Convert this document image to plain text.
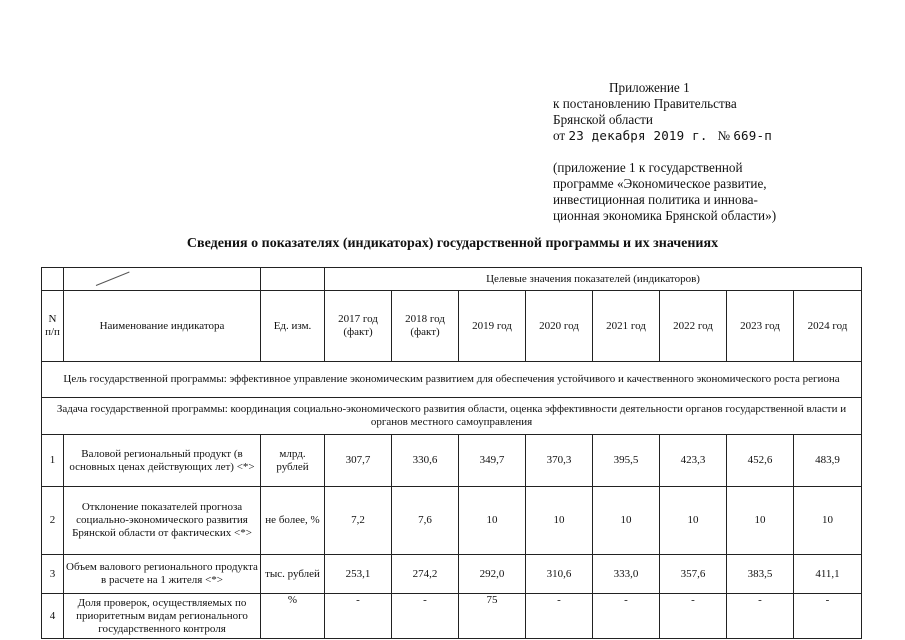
Приложение 1
к постановлению Правительства
Брянской области
от 23 декабря 2019 г. № 669-п
(приложение 1 к государственной
программе «Экономическое развитие,
инвестиционная политика и иннова-
ционная экономика Брянской области»)
Сведения о показателях (индикаторах) государственной программы и их значениях

		Целевые значения показателей (индикаторов)							
N п/п	Наименование индикатора	Ед. изм.	2017 год (факт)	2018 год (факт)	2019 год	2020 год	2021 год	2022 год	2023 год	2024 год
Цель государственной программы: эффективное управление экономическим развитием для обеспечения устойчивого и качественного экономического роста региона										
Задача государственной программы: координация социально-экономического развития области, оценка эффективности деятельности органов государственной власти и органов местного самоуправления										
1	Валовой региональный продукт (в основных ценах действующих лет) <*>	млрд. рублей	307,7	330,6	349,7	370,3	395,5	423,3	452,6	483,9
2	Отклонение показателей прогноза социально-экономического развития Брянской области от фактических <*>	не более, %	7,2	7,6	10	10	10	10	10	10
3	Объем валового регионального продукта в расчете на 1 жителя <*>	тыс. рублей	253,1	274,2	292,0	310,6	333,0	357,6	383,5	411,1
4	Доля проверок, осуществляемых по приоритетным видам регионального государственного контроля	%	-	-	75	-	-	-	-	-
